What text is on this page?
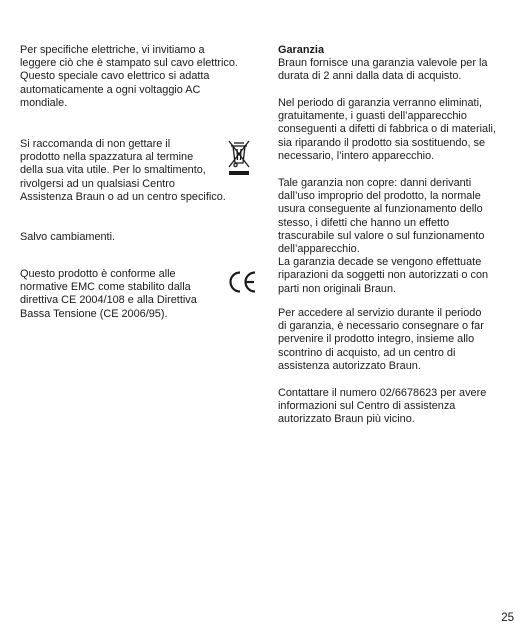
Per specifiche elettriche, vi invitiamo a
leggere ciò che è stampato sul cavo elettrico.
Questo speciale cavo elettrico si adatta
automaticamente a ogni voltaggio AC
mondiale.
Si raccomanda di non gettare il
prodotto nella spazzatura al termine
della sua vita utile. Per lo smaltimento,
rivolgersi ad un qualsiasi Centro
Assistenza Braun o ad un centro specifico.
Salvo cambiamenti.
Questo prodotto è conforme alle
normative EMC come stabilito dalla
direttiva CE 2004/108 e alla Direttiva
Bassa Tensione (CE 2006/95).
Garanzia
Braun fornisce una garanzia valevole per la
durata di 2 anni dalla data di acquisto.
Nel periodo di garanzia verranno eliminati,
gratuitamente, i guasti dell’apparecchio
conseguenti a difetti di fabbrica o di materiali,
sia riparando il prodotto sia sostituendo, se
necessario, l’intero apparecchio.
Tale garanzia non copre: danni derivanti
dall’uso improprio del prodotto, la normale
usura conseguente al funzionamento dello
stesso, i difetti che hanno un effetto
trascurabile sul valore o sul funzionamento
dell’apparecchio.
La garanzia decade se vengono effettuate
riparazioni da soggetti non autorizzati o con
parti non originali Braun.
Per accedere al servizio durante il periodo
di garanzia, è necessario consegnare o far
pervenire il prodotto integro, insieme allo
scontrino di acquisto, ad un centro di
assistenza autorizzato Braun.
Contattare il numero 02/6678623 per avere
informazioni sul Centro di assistenza
autorizzato Braun più vicino.
25
